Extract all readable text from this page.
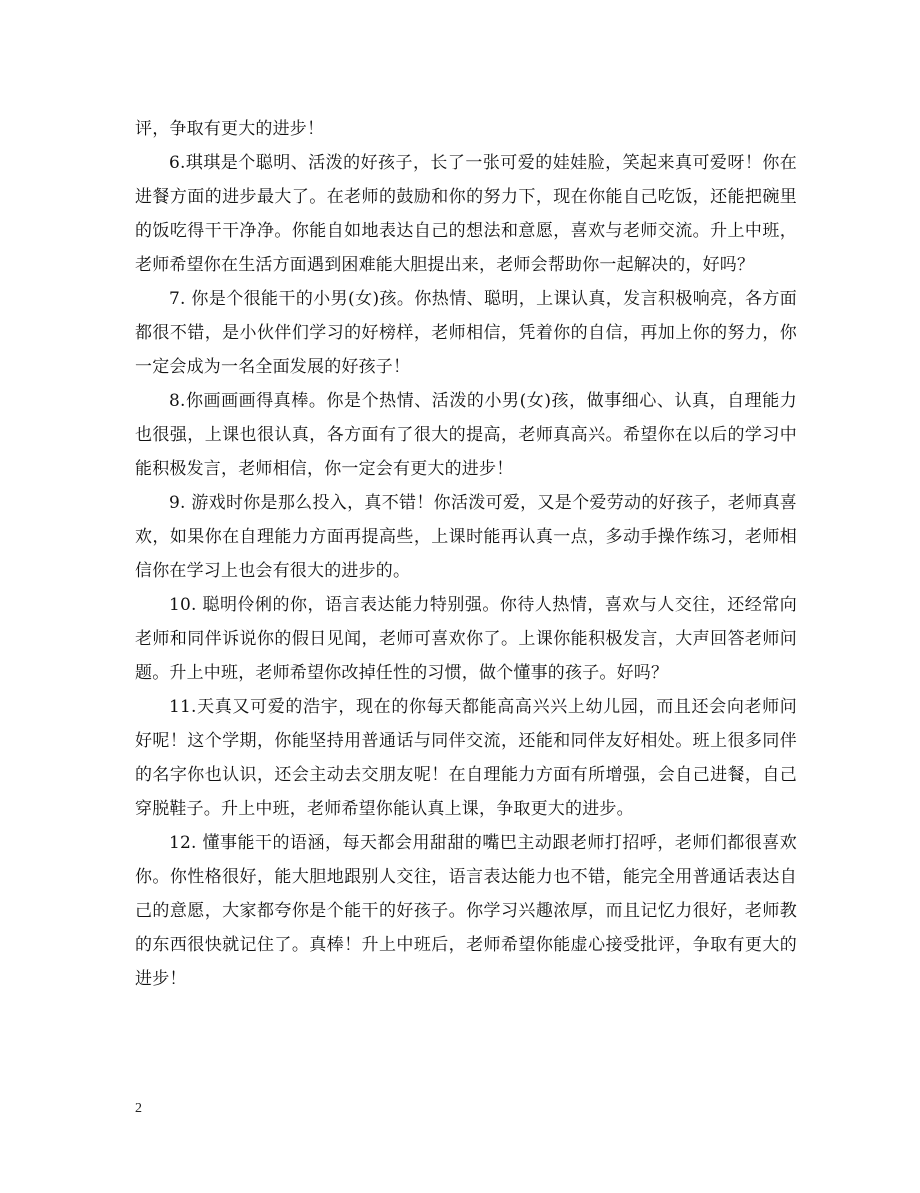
评，争取有更大的进步！

6.琪琪是个聪明、活泼的好孩子，长了一张可爱的娃娃脸，笑起来真可爱呀！你在进餐方面的进步最大了。在老师的鼓励和你的努力下，现在你能自己吃饭，还能把碗里的饭吃得干干净净。你能自如地表达自己的想法和意愿，喜欢与老师交流。升上中班，老师希望你在生活方面遇到困难能大胆提出来，老师会帮助你一起解决的，好吗？

7. 你是个很能干的小男(女)孩。你热情、聪明，上课认真，发言积极响亮，各方面都很不错，是小伙伴们学习的好榜样，老师相信，凭着你的自信，再加上你的努力，你一定会成为一名全面发展的好孩子！

8.你画画画得真棒。你是个热情、活泼的小男(女)孩，做事细心、认真，自理能力也很强，上课也很认真，各方面有了很大的提高，老师真高兴。希望你在以后的学习中能积极发言，老师相信，你一定会有更大的进步！

9. 游戏时你是那么投入，真不错！你活泼可爱，又是个爱劳动的好孩子，老师真喜欢，如果你在自理能力方面再提高些，上课时能再认真一点，多动手操作练习，老师相信你在学习上也会有很大的进步的。

10. 聪明伶俐的你，语言表达能力特别强。你待人热情，喜欢与人交往，还经常向老师和同伴诉说你的假日见闻，老师可喜欢你了。上课你能积极发言，大声回答老师问题。升上中班，老师希望你改掉任性的习惯，做个懂事的孩子。好吗？

11.天真又可爱的浩宇，现在的你每天都能高高兴兴上幼儿园，而且还会向老师问好呢！这个学期，你能坚持用普通话与同伴交流，还能和同伴友好相处。班上很多同伴的名字你也认识，还会主动去交朋友呢！在自理能力方面有所增强，会自己进餐，自己穿脱鞋子。升上中班，老师希望你能认真上课，争取更大的进步。

12. 懂事能干的语涵，每天都会用甜甜的嘴巴主动跟老师打招呼，老师们都很喜欢你。你性格很好，能大胆地跟别人交往，语言表达能力也不错，能完全用普通话表达自己的意愿，大家都夸你是个能干的好孩子。你学习兴趣浓厚，而且记忆力很好，老师教的东西很快就记住了。真棒！升上中班后，老师希望你能虚心接受批评，争取有更大的进步！

2
